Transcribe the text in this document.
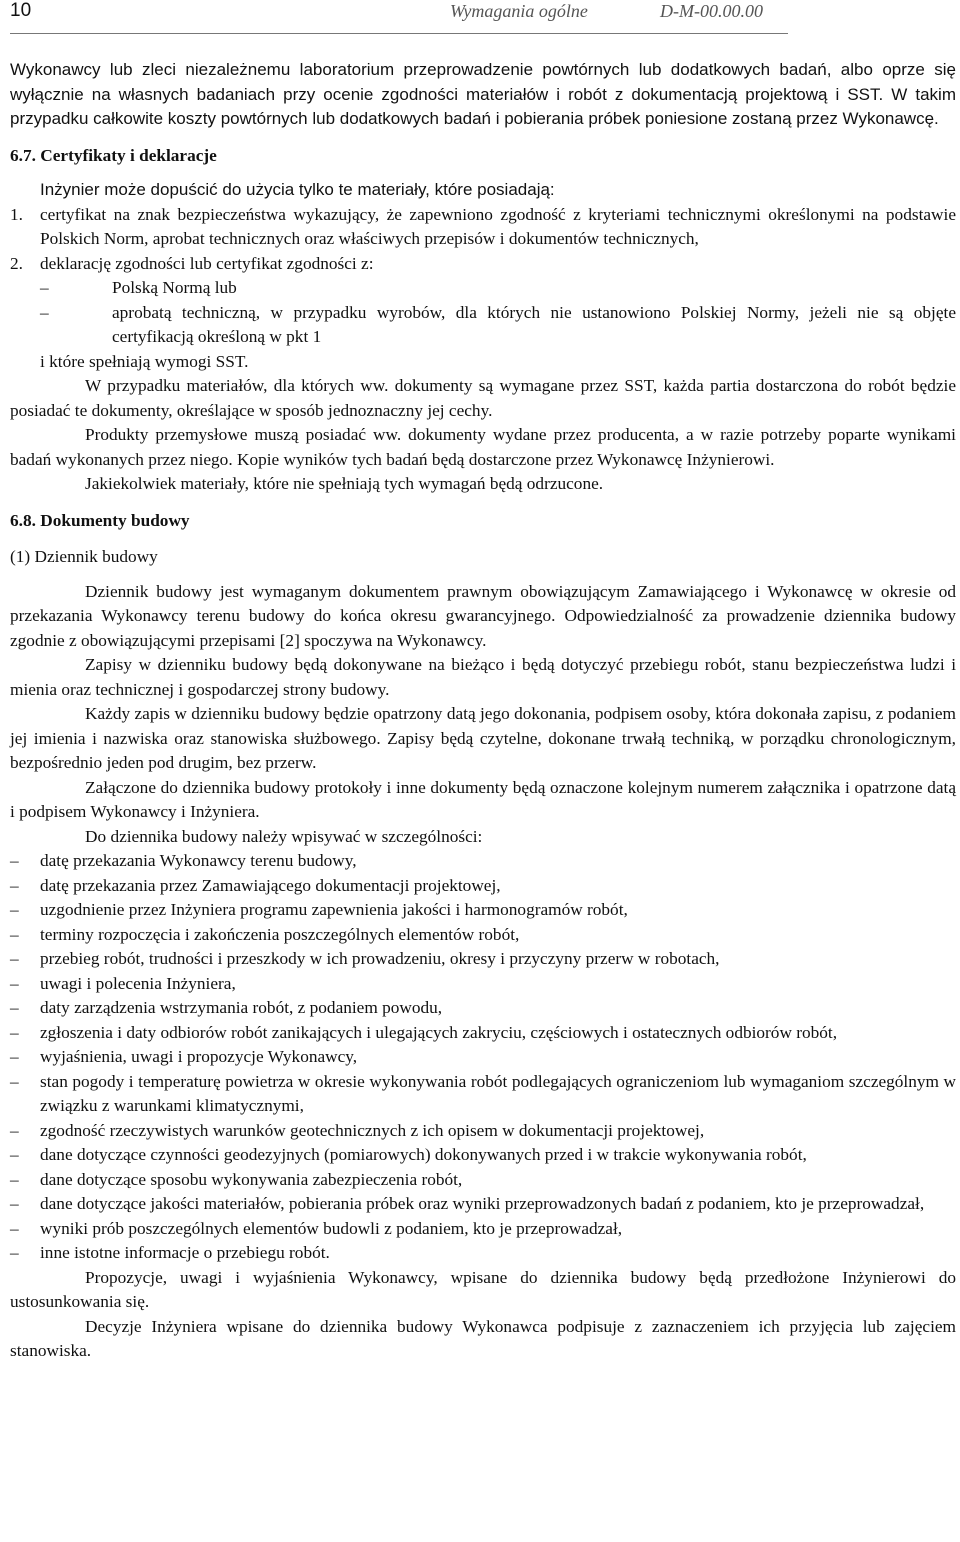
10	Wymagania ogólne	D-M-00.00.00

Wykonawcy lub zleci niezależnemu laboratorium przeprowadzenie powtórnych lub dodatkowych badań, albo oprze się wyłącznie na własnych badaniach przy ocenie zgodności materiałów i robót z dokumentacją projektową i SST. W takim przypadku całkowite koszty powtórnych lub dodatkowych badań i pobierania próbek poniesione zostaną przez Wykonawcę.

6.7. Certyfikaty i deklaracje

Inżynier może dopuścić do użycia tylko te materiały, które posiadają:

1. certyfikat na znak bezpieczeństwa wykazujący, że zapewniono zgodność z kryteriami technicznymi określonymi na podstawie Polskich Norm, aprobat technicznych oraz właściwych przepisów i dokumentów technicznych,
2. deklarację zgodności lub certyfikat zgodności z:
–	Polską Normą lub
–	aprobatą techniczną, w przypadku wyrobów, dla których nie ustanowiono Polskiej Normy, jeżeli nie są objęte certyfikacją określoną w pkt 1

i które spełniają wymogi SST.

W przypadku materiałów, dla których ww. dokumenty są wymagane przez SST, każda partia dostarczona do robót będzie posiadać te dokumenty, określające w sposób jednoznaczny jej cechy.

Produkty przemysłowe muszą posiadać ww. dokumenty wydane przez producenta, a w razie potrzeby poparte wynikami badań wykonanych przez niego. Kopie wyników tych badań będą dostarczone przez Wykonawcę Inżynierowi.

Jakiekolwiek materiały, które nie spełniają tych wymagań będą odrzucone.

6.8. Dokumenty budowy
(1) Dziennik budowy

Dziennik budowy jest wymaganym dokumentem prawnym obowiązującym Zamawiającego i Wykonawcę w okresie od przekazania Wykonawcy terenu budowy do końca okresu gwarancyjnego. Odpowiedzialność za prowadzenie dziennika budowy zgodnie z obowiązującymi przepisami [2] spoczywa na Wykonawcy.

Zapisy w dzienniku budowy będą dokonywane na bieżąco i będą dotyczyć przebiegu robót, stanu bezpieczeństwa ludzi i mienia oraz technicznej i gospodarczej strony budowy.

Każdy zapis w dzienniku budowy będzie opatrzony datą jego dokonania, podpisem osoby, która dokonała zapisu, z podaniem jej imienia i nazwiska oraz stanowiska służbowego. Zapisy będą czytelne, dokonane trwałą techniką, w porządku chronologicznym, bezpośrednio jeden pod drugim, bez przerw.

Załączone do dziennika budowy protokoły i inne dokumenty będą oznaczone kolejnym numerem załącznika i opatrzone datą i podpisem Wykonawcy i Inżyniera.

Do dziennika budowy należy wpisywać w szczególności:

–	datę przekazania Wykonawcy terenu budowy,
–	datę przekazania przez Zamawiającego dokumentacji projektowej,
–	uzgodnienie przez Inżyniera programu zapewnienia jakości i harmonogramów robót,
–	terminy rozpoczęcia i zakończenia poszczególnych elementów robót,
–	przebieg robót, trudności i przeszkody w ich prowadzeniu, okresy i przyczyny przerw w robotach,
–	uwagi i polecenia Inżyniera,
–	daty zarządzenia wstrzymania robót, z podaniem powodu,
–	zgłoszenia i daty odbiorów robót zanikających i ulegających zakryciu, częściowych i ostatecznych odbiorów robót,
–	wyjaśnienia, uwagi i propozycje Wykonawcy,
–	stan pogody i temperaturę powietrza w okresie wykonywania robót podlegających ograniczeniom lub wymaganiom szczególnym w związku z warunkami klimatycznymi,
–	zgodność rzeczywistych warunków geotechnicznych z ich opisem w dokumentacji projektowej,
–	dane dotyczące czynności geodezyjnych (pomiarowych) dokonywanych przed i w trakcie wykonywania robót,
–	dane dotyczące sposobu wykonywania zabezpieczenia robót,
–	dane dotyczące jakości materiałów, pobierania próbek oraz wyniki przeprowadzonych badań z podaniem, kto je przeprowadzał,
–	wyniki prób poszczególnych elementów budowli z podaniem, kto je przeprowadzał,
–	inne istotne informacje o przebiegu robót.

Propozycje, uwagi i wyjaśnienia Wykonawcy, wpisane do dziennika budowy będą przedłożone Inżynierowi do ustosunkowania się.

Decyzje Inżyniera wpisane do dziennika budowy Wykonawca podpisuje z zaznaczeniem ich przyjęcia lub zajęciem stanowiska.
